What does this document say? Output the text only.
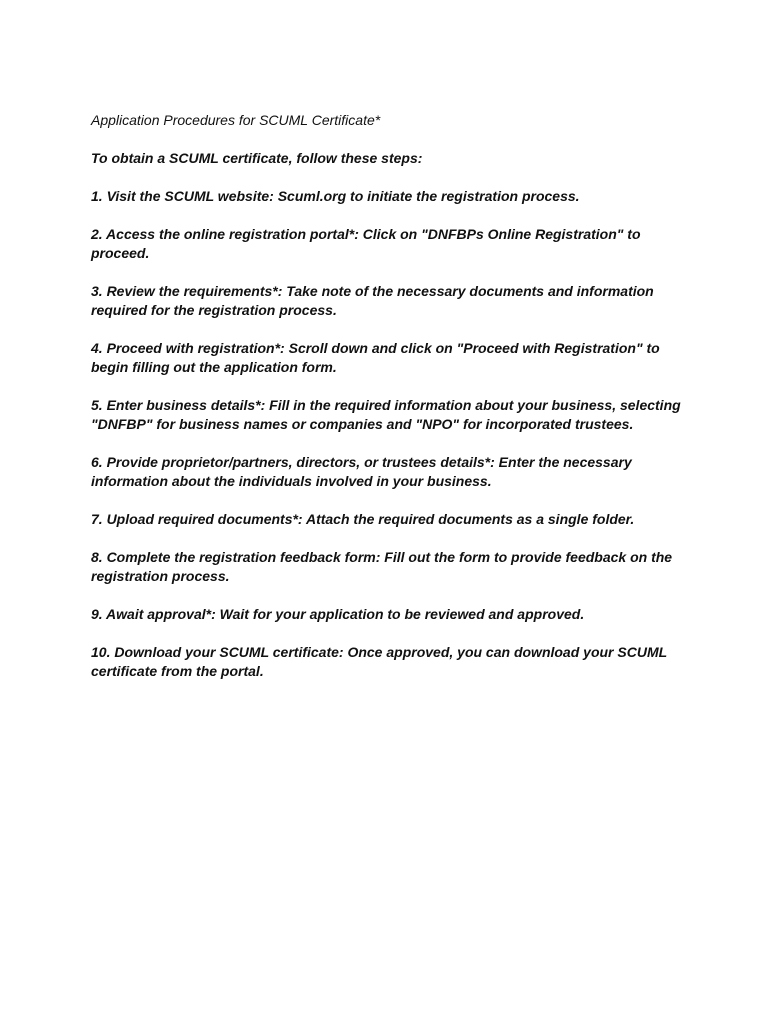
Application Procedures for SCUML Certificate*

To obtain a SCUML certificate, follow these steps:

1. Visit the SCUML website: Scuml.org to initiate the registration process.

2. Access the online registration portal*: Click on "DNFBPs Online Registration" to proceed.

3. Review the requirements*: Take note of the necessary documents and information required for the registration process.

4. Proceed with registration*: Scroll down and click on "Proceed with Registration" to begin filling out the application form.

5. Enter business details*: Fill in the required information about your business, selecting "DNFBP" for business names or companies and "NPO" for incorporated trustees.

6. Provide proprietor/partners, directors, or trustees details*: Enter the necessary information about the individuals involved in your business.

7. Upload required documents*: Attach the required documents as a single folder.

8. Complete the registration feedback form: Fill out the form to provide feedback on the registration process.

9. Await approval*: Wait for your application to be reviewed and approved.

10. Download your SCUML certificate: Once approved, you can download your SCUML certificate from the portal.
